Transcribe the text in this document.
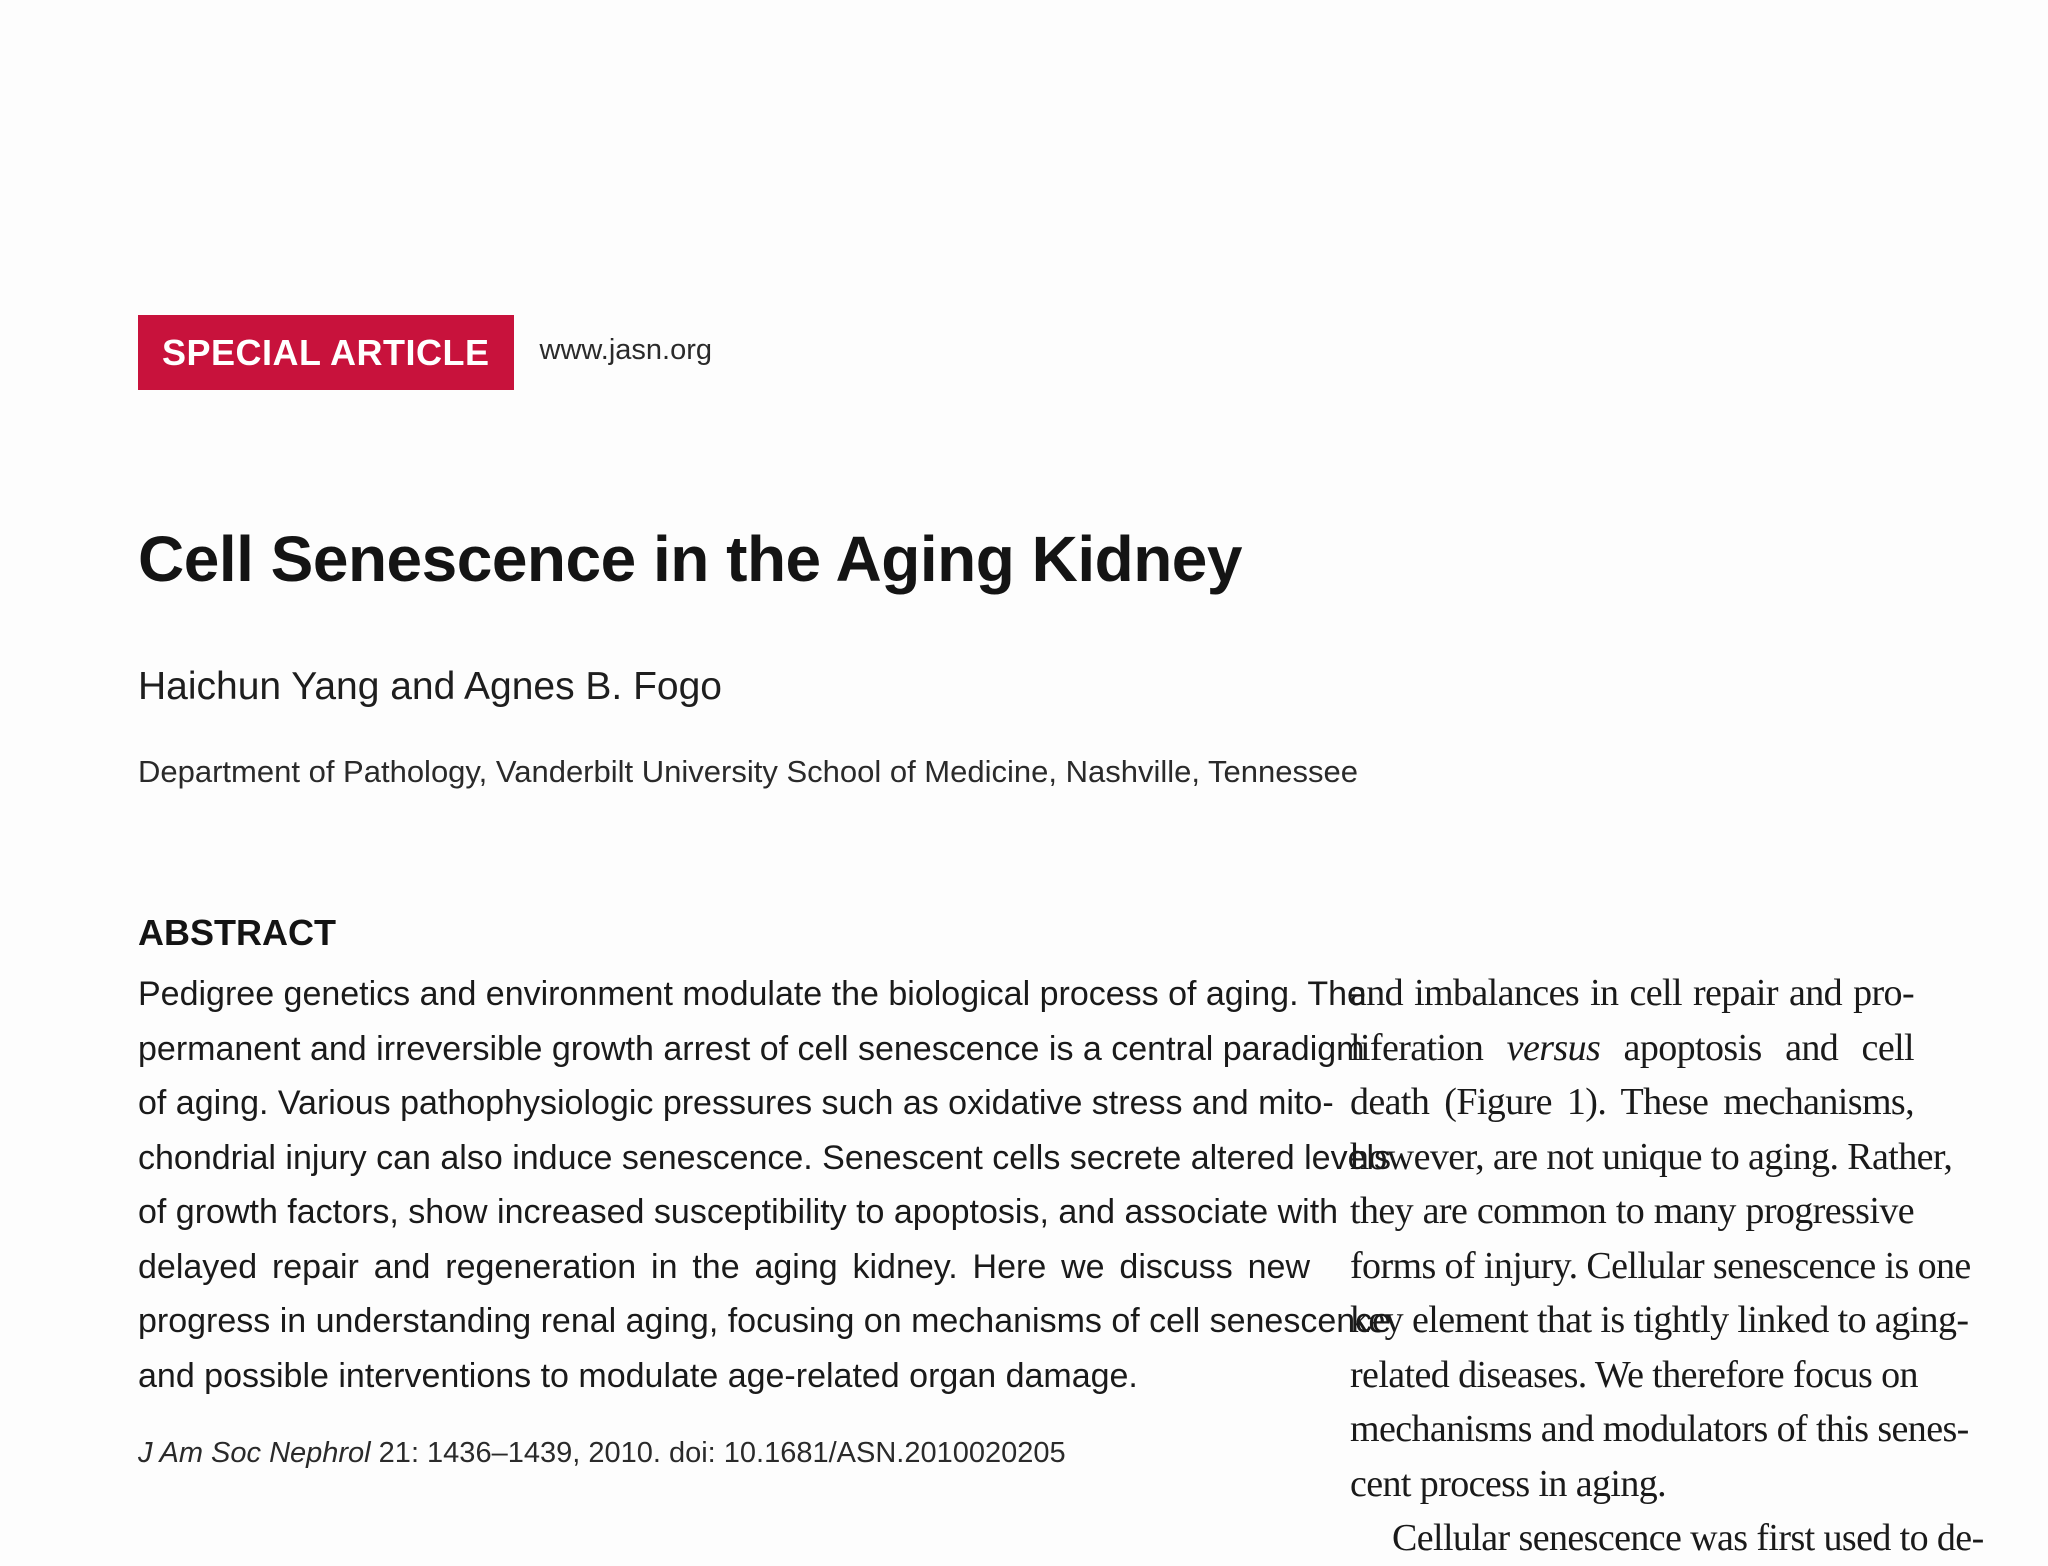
SPECIAL ARTICLE	www.jasn.org
Cell Senescence in the Aging Kidney
Haichun Yang and Agnes B. Fogo
Department of Pathology, Vanderbilt University School of Medicine, Nashville, Tennessee
ABSTRACT
Pedigree genetics and environment modulate the biological process of aging. The
permanent and irreversible growth arrest of cell senescence is a central paradigm
of aging. Various pathophysiologic pressures such as oxidative stress and mito-
chondrial injury can also induce senescence. Senescent cells secrete altered levels
of growth factors, show increased susceptibility to apoptosis, and associate with
delayed repair and regeneration in the aging kidney. Here we discuss new
progress in understanding renal aging, focusing on mechanisms of cell senescence
and possible interventions to modulate age-related organ damage.
J Am Soc Nephrol 21: 1436–1439, 2010. doi: 10.1681/ASN.2010020205
and imbalances in cell repair and pro-
liferation versus apoptosis and cell
death (Figure 1). These mechanisms,
however, are not unique to aging. Rather,
they are common to many progressive
forms of injury. Cellular senescence is one
key element that is tightly linked to aging-
related diseases. We therefore focus on
mechanisms and modulators of this senes-
cent process in aging.
Cellular senescence was first used to de-
